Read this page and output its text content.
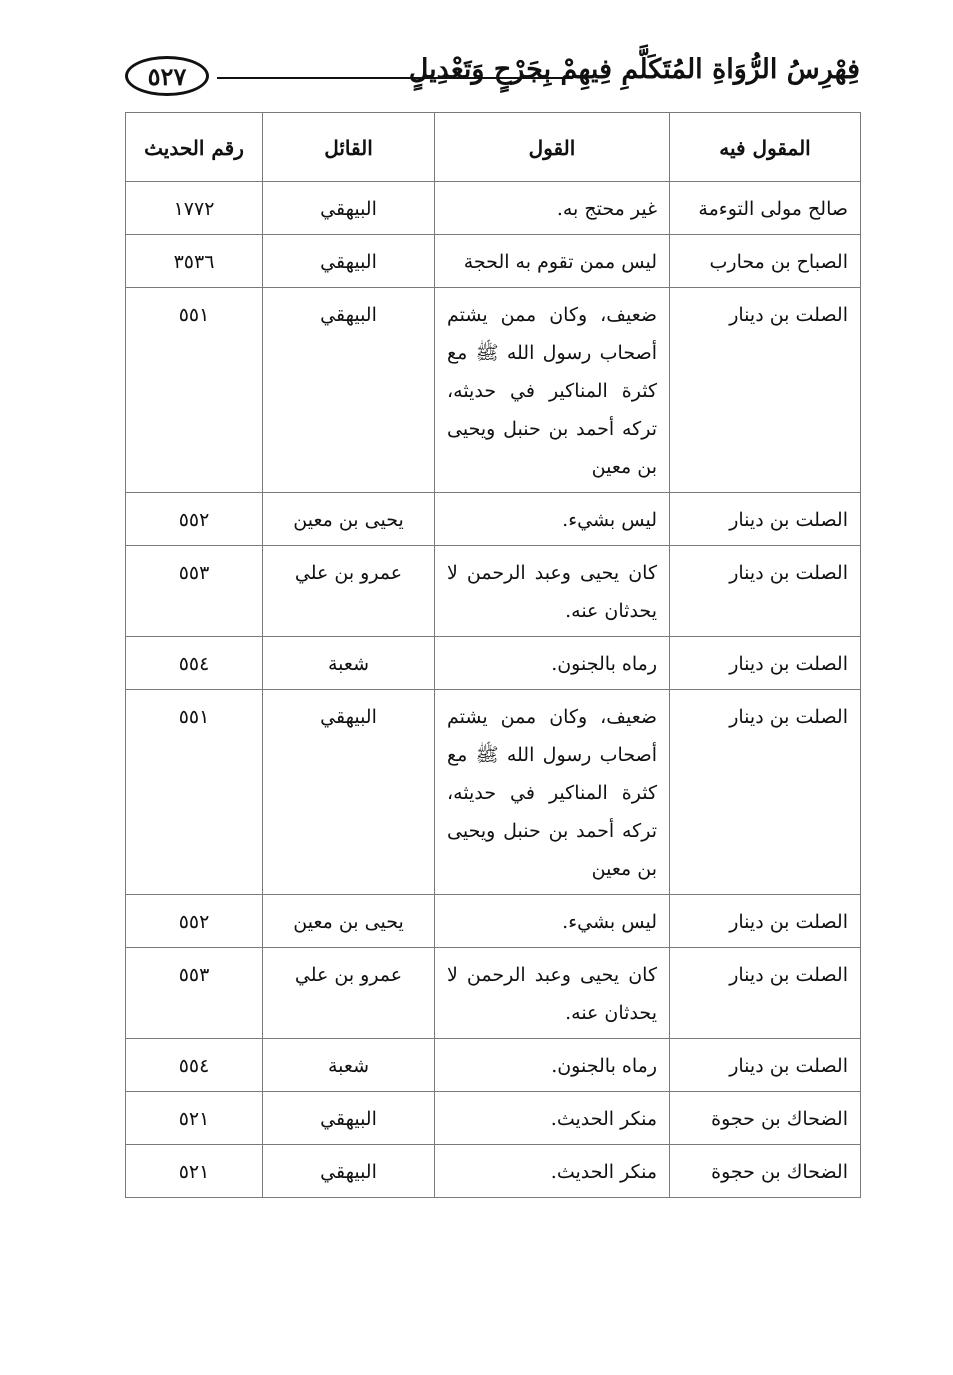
٥٢٧	فِهْرِسُ الرُّوَاةِ المُتَكَلَّمِ فِيهِمْ بِجَرْحٍ وَتَعْدِيلٍ
المقول فيه	القول	القائل	رقم الحديث
صالح مولى التوءمة	غير محتج به.	البيهقي	١٧٧٢
الصباح بن محارب	ليس ممن تقوم به الحجة	البيهقي	٣٥٣٦
الصلت بن دينار	ضعيف، وكان ممن يشتم أصحاب رسول الله ﷺ مع كثرة المناكير في حديثه، تركه أحمد بن حنبل ويحيى بن معين	البيهقي	٥٥١
الصلت بن دينار	ليس بشيء.	يحيى بن معين	٥٥٢
الصلت بن دينار	كان يحيى وعبد الرحمن لا يحدثان عنه.	عمرو بن علي	٥٥٣
الصلت بن دينار	رماه بالجنون.	شعبة	٥٥٤
الصلت بن دينار	ضعيف، وكان ممن يشتم أصحاب رسول الله ﷺ مع كثرة المناكير في حديثه، تركه أحمد بن حنبل ويحيى بن معين	البيهقي	٥٥١
الصلت بن دينار	ليس بشيء.	يحيى بن معين	٥٥٢
الصلت بن دينار	كان يحيى وعبد الرحمن لا يحدثان عنه.	عمرو بن علي	٥٥٣
الصلت بن دينار	رماه بالجنون.	شعبة	٥٥٤
الضحاك بن حجوة	منكر الحديث.	البيهقي	٥٢١
الضحاك بن حجوة	منكر الحديث.	البيهقي	٥٢١
